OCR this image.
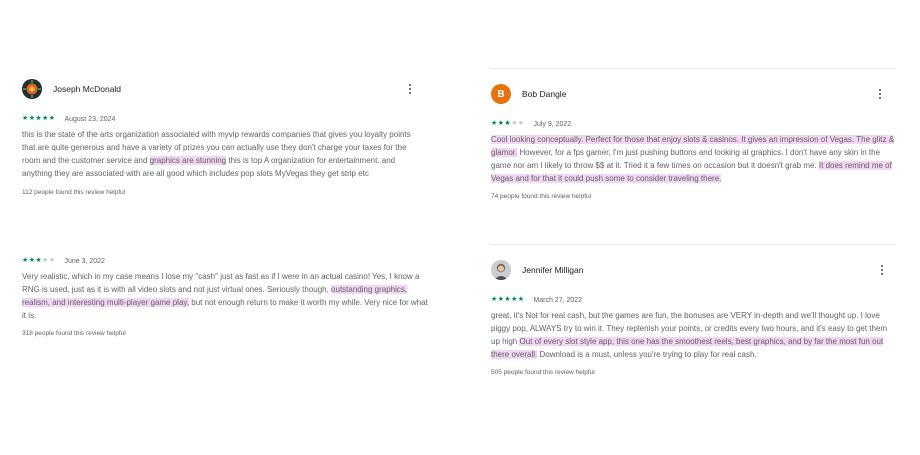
Joseph McDonald
★★★★★ August 23, 2024
this is the state of the arts organization associated with myvip rewards companies that gives you loyalty points that are quite generous and have a variety of prizes you can actually use they don't charge your taxes for the room and the customer service and graphics are stunning this is top A organization for entertainment. and anything they are associated with are all good which includes pop slots MyVegas they get strip etc
112 people found this review helpful
★★★★★ June 3, 2022
Very realistic, which in my case means I lose my "cash" just as fast as if I were in an actual casino! Yes, I know a RNG is used, just as it is with all video slots and not just virtual ones. Seriously though, outstanding graphics, realism, and interesting multi-player game play, but not enough return to make it worth my while. Very nice for what it is.
318 people found this review helpful
B	Bob Dangle
★★★★★ July 9, 2022
Cool looking conceptually. Perfect for those that enjoy slots & casinos. It gives an impression of Vegas. The glitz & glamor. However, for a fps gamer, I'm just pushing buttons and looking at graphics. I don't have any skin in the game nor am I likely to throw $$ at it. Tried it a few times on occasion but it doesn't grab me. It does remind me of Vegas and for that it could push some to consider traveling there.
74 people found this review helpful
Jennifer Milligan
★★★★★ March 27, 2022
great, it's Not for real cash, but the games are fun, the bonuses are VERY in-depth and we'll thought up. I love piggy pop, ALWAYS try to win it. They replenish your points, or credits every two hours, and it's easy to get them up high Out of every slot style app, this one has the smoothest reels, best graphics, and by far the most fun out there overall. Download is a must, unless you're trying to play for real cash.
505 people found this review helpful
